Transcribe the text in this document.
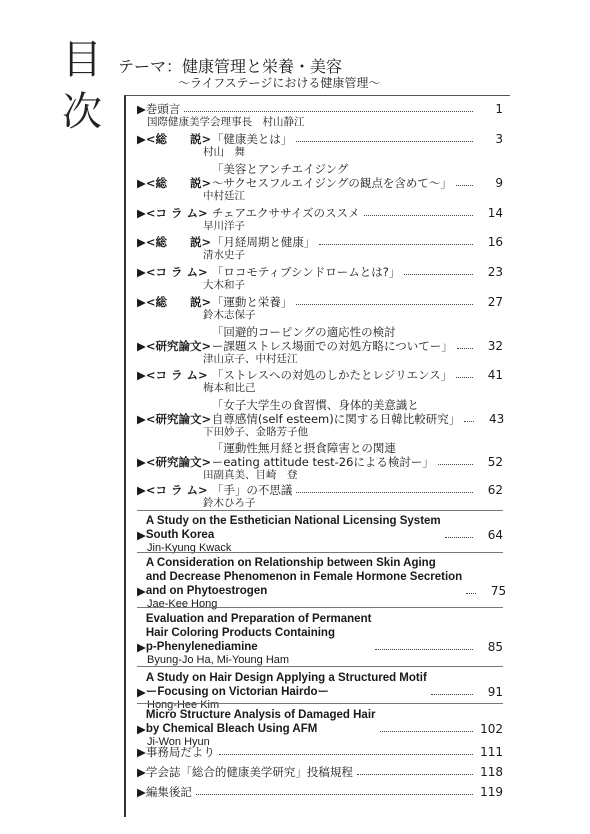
目
次
テーマ：健康管理と栄養・美容
～ライフステージにおける健康管理～
▶ 巻頭言	1
国際健康美学会理事長　村山静江
▶ <総　　説> 「健康美とは」	3
村山　舞
▶ <総　　説>
「美容とアンチエイジング
～サクセスフルエイジングの観点を含めて～」	9
中村廷江
▶ <コ ラ ム> チェアエクササイズのススメ	14
早川洋子
▶ <総　　説> 「月経周期と健康」	16
清水史子
▶ <コ ラ ム> 「ロコモティブシンドロームとは?」	23
大木和子
▶ <総　　説> 「運動と栄養」	27
鈴木志保子
▶ <研究論文>
「回避的コーピングの適応性の検討
ー課題ストレス場面での対処方略についてー」	32
津山京子、中村廷江
▶ <コ ラ ム> 「ストレスへの対処のしかたとレジリエンス」	41
梅本和比己
▶ <研究論文>
「女子大学生の食習慣、身体的美意識と
自尊感情(self esteem)に関する日韓比較研究」	43
下田妙子、金賂芳子他
▶ <研究論文>
「運動性無月経と摂食障害との関連
ーeating attitude test-26による検討ー」	52
田副真美、目崎　登
▶ <コ ラ ム> 「手」の不思議	62
鈴木ひろ子
▶
A Study on the Esthetician National Licensing System
South Korea	64
Jin-Kyung Kwack
▶
A Consideration on Relationship between Skin Aging
and Decrease Phenomenon in Female Hormone Secretion
and on Phytoestrogen	75
Jae-Kee Hong
▶
Evaluation and Preparation of Permanent
Hair Coloring Products Containing
p-Phenylenediamine	85
Byung-Jo Ha, Mi-Young Ham
▶
A Study on Hair Design Applying a Structured Motif
ーFocusing on Victorian Hairdoー	91
Hong-Hee Kim
▶
Micro Structure Analysis of Damaged Hair
by Chemical Bleach Using AFM	102
Ji-Won Hyun
▶ 事務局だより	111
▶ 学会誌「総合的健康美学研究」投稿規程	118
▶ 編集後記	119
